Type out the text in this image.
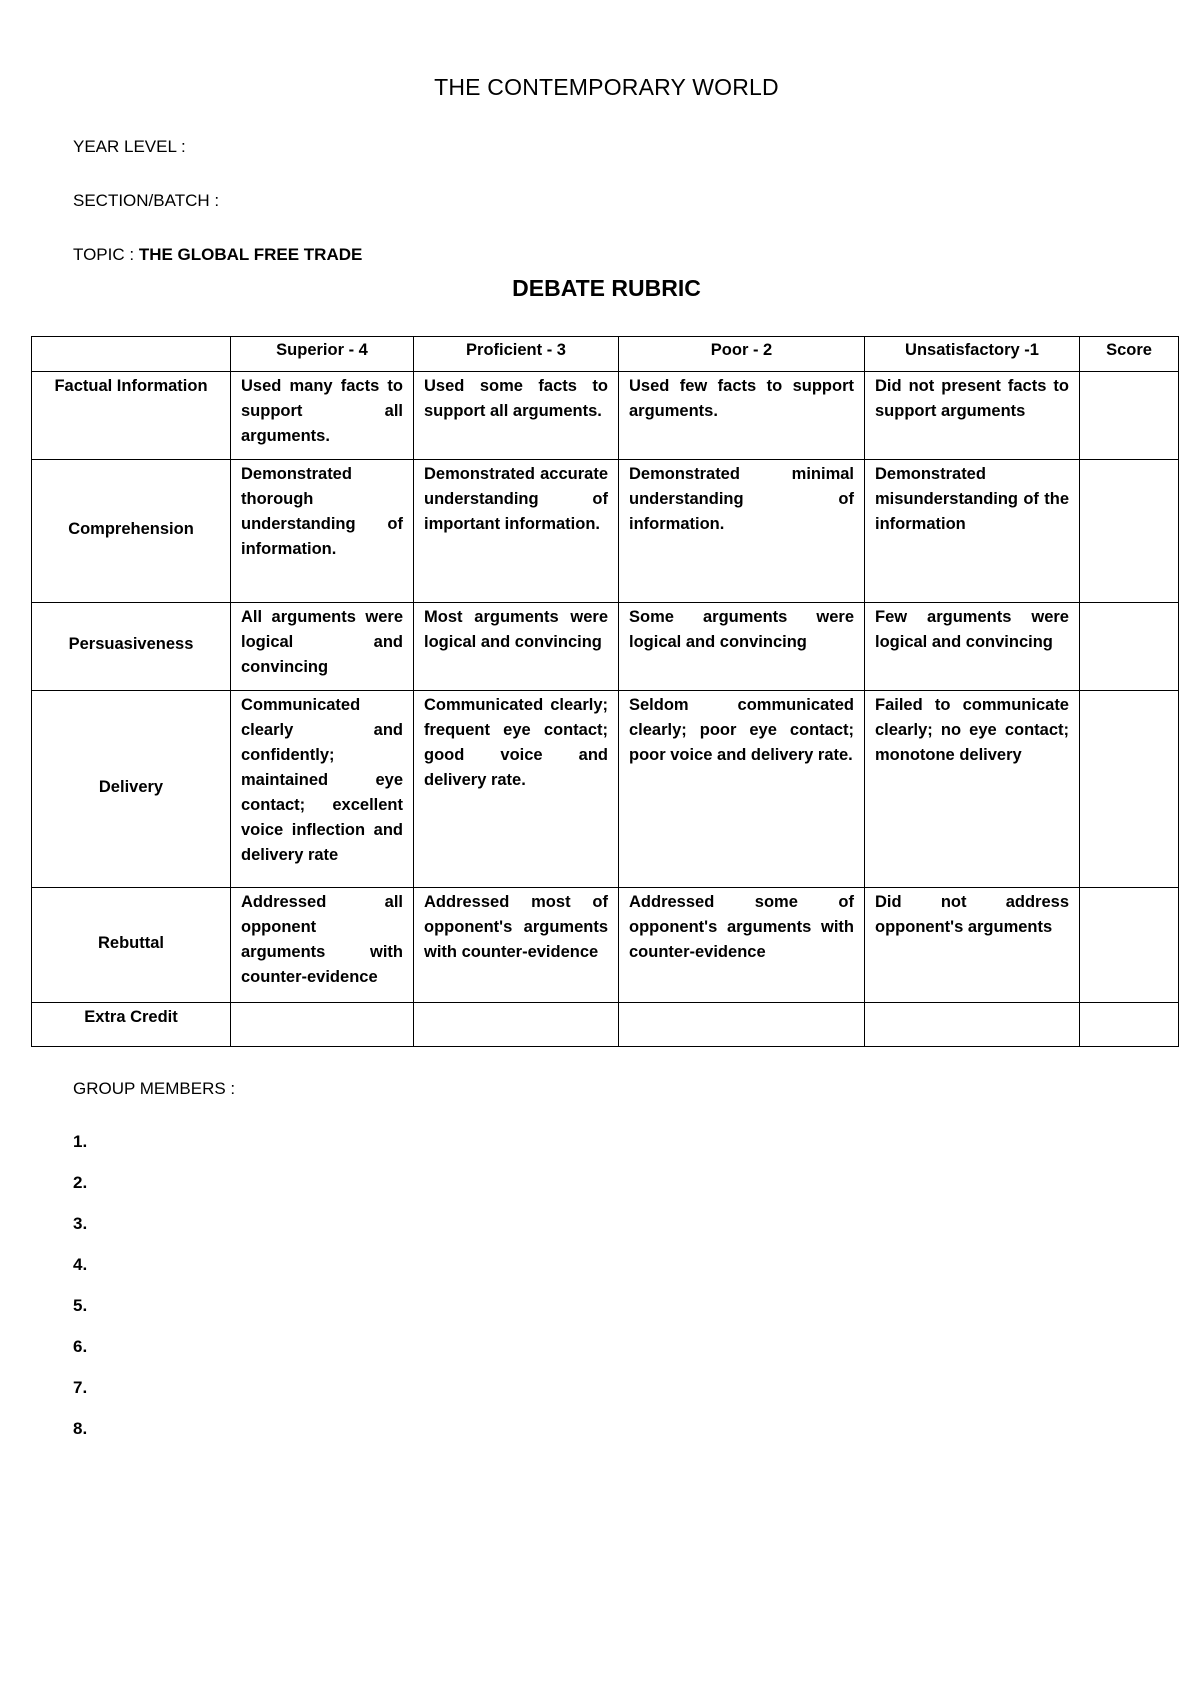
THE CONTEMPORARY WORLD
YEAR LEVEL :
SECTION/BATCH :
TOPIC : THE GLOBAL FREE TRADE
DEBATE RUBRIC
	Superior - 4	Proficient - 3	Poor - 2	Unsatisfactory -1	Score
Factual Information	Used many facts to support all arguments.	Used some facts to support all arguments.	Used few facts to support arguments.	Did not present facts to support arguments	
Comprehension	Demonstrated thorough understanding of information.	Demonstrated accurate understanding of important information.	Demonstrated minimal understanding of information.	Demonstrated misunderstanding of the information	
Persuasiveness	All arguments were logical and convincing	Most arguments were logical and convincing	Some arguments were logical and convincing	Few arguments were logical and convincing	
Delivery	Communicated clearly and confidently; maintained eye contact; excellent voice inflection and delivery rate	Communicated clearly; frequent eye contact; good voice and delivery rate.	Seldom communicated clearly; poor eye contact; poor voice and delivery rate.	Failed to communicate clearly; no eye contact; monotone delivery	
Rebuttal	Addressed all opponent arguments with counter-evidence	Addressed most of opponent's arguments with counter-evidence	Addressed some of opponent's arguments with counter-evidence	Did not address opponent's arguments	
Extra Credit					
GROUP MEMBERS :
1.
2.
3.
4.
5.
6.
7.
8.
